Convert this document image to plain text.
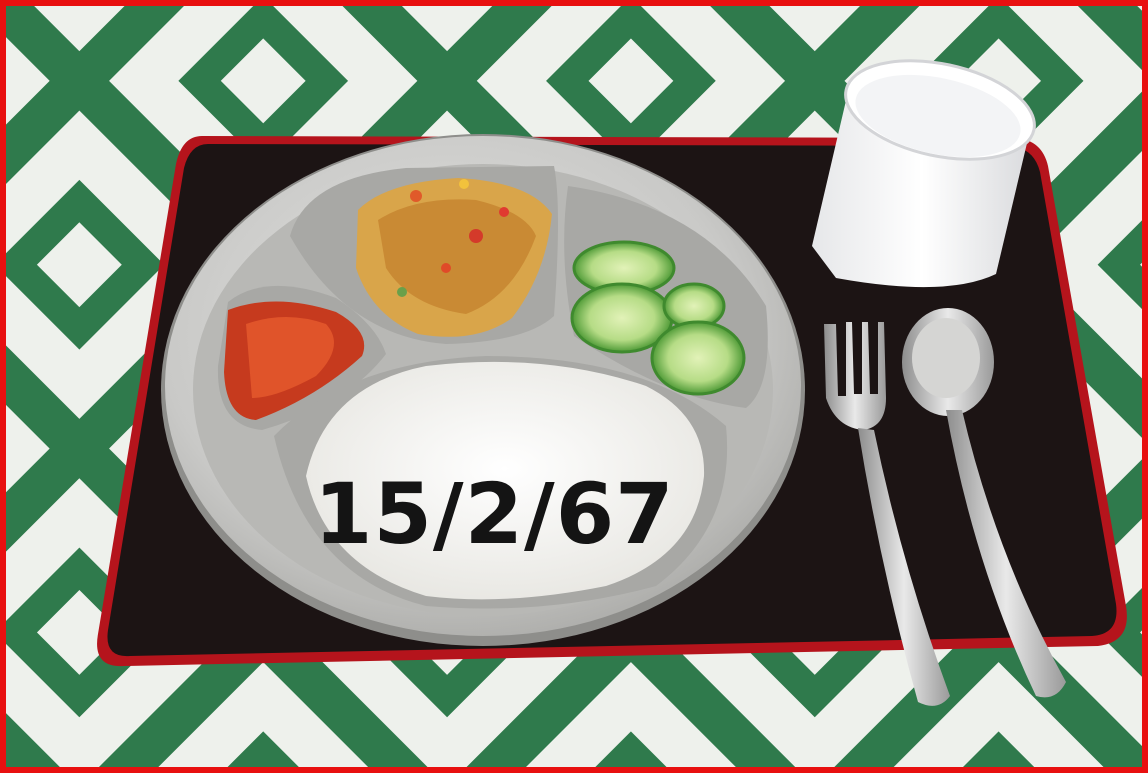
15/2/67
